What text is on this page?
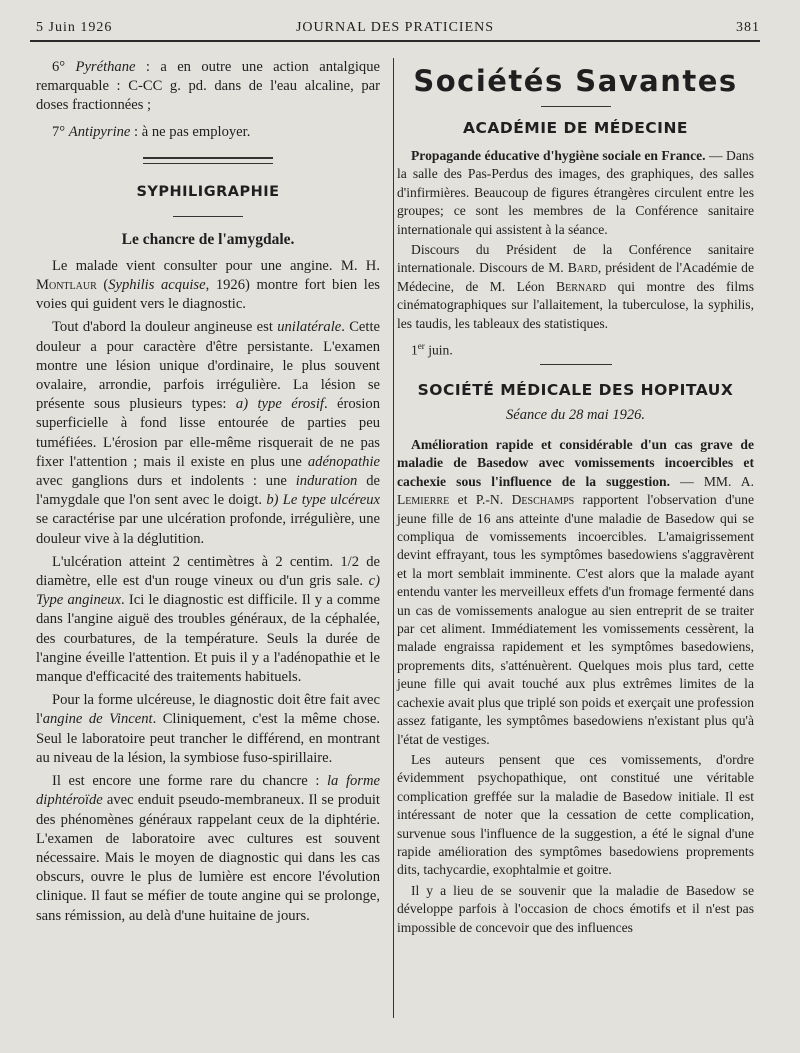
5 Juin 1926	JOURNAL DES PRATICIENS	381

6° Pyréthane : a en outre une action antalgique remarquable : C-CC g. pd. dans de l'eau alcaline, par doses fractionnées ;

7° Antipyrine : à ne pas employer.

SYPHILIGRAPHIE
Le chancre de l'amygdale.

Le malade vient consulter pour une angine. M. H. Montlaur (Syphilis acquise, 1926) montre fort bien les voies qui guident vers le diagnostic.

Tout d'abord la douleur angineuse est unilatérale. Cette douleur a pour caractère d'être persistante. L'examen montre une lésion unique d'ordinaire, le plus souvent ovalaire, arrondie, parfois irrégulière. La lésion se présente sous plusieurs types: a) type érosif. érosion superficielle à fond lisse entourée de parties peu tuméfiées. L'érosion par elle-même risquerait de ne pas fixer l'attention ; mais il existe en plus une adénopathie avec ganglions durs et indolents : une induration de l'amygdale que l'on sent avec le doigt. b) Le type ulcéreux se caractérise par une ulcération profonde, irrégulière, une douleur vive à la déglutition.

L'ulcération atteint 2 centimètres à 2 centim. 1/2 de diamètre, elle est d'un rouge vineux ou d'un gris sale. c) Type angineux. Ici le diagnostic est difficile. Il y a comme dans l'angine aiguë des troubles généraux, de la céphalée, des courbatures, de la température. Seuls la durée de l'angine éveille l'attention. Et puis il y a l'adénopathie et le manque d'efficacité des traitements habituels.

Pour la forme ulcéreuse, le diagnostic doit être fait avec l'angine de Vincent. Cliniquement, c'est la même chose. Seul le laboratoire peut trancher le différend, en montrant au niveau de la lésion, la symbiose fuso-spirillaire.

Il est encore une forme rare du chancre : la forme diphtéroïde avec enduit pseudo-membraneux. Il se produit des phénomènes généraux rappelant ceux de la diphtérie. L'examen de laboratoire avec cultures est souvent nécessaire. Mais le moyen de diagnostic qui dans les cas obscurs, ouvre le plus de lumière est encore l'évolution clinique. Il faut se méfier de toute angine qui se prolonge, sans rémission, au delà d'une huitaine de jours.

Sociétés Savantes
ACADÉMIE DE MÉDECINE

Propagande éducative d'hygiène sociale en France. — Dans la salle des Pas-Perdus des images, des graphiques, des salles d'infirmières. Beaucoup de figures étrangères circulent entre les groupes; ce sont les membres de la Conférence sanitaire internationale qui assistent à la séance.

Discours du Président de la Conférence sanitaire internationale. Discours de M. Bard, président de l'Académie de Médecine, de M. Léon Bernard qui montre des films cinématographiques sur l'allaitement, la tuberculose, la syphilis, les taudis, les tableaux des statistiques.

1er juin.

SOCIÉTÉ MÉDICALE DES HOPITAUX
Séance du 28 mai 1926.

Amélioration rapide et considérable d'un cas grave de maladie de Basedow avec vomissements incoercibles et cachexie sous l'influence de la suggestion. — MM. A. Lemierre et P.-N. Deschamps rapportent l'observation d'une jeune fille de 16 ans atteinte d'une maladie de Basedow qui se compliqua de vomissements incoercibles. L'amaigrissement devint effrayant, tous les symptômes basedowiens s'aggravèrent et la mort semblait imminente. C'est alors que la malade ayant entendu vanter les merveilleux effets d'un fromage fermenté dans un cas de vomissements analogue au sien entreprit de se traiter par cet aliment. Immédiatement les vomissements cessèrent, la malade engraissa rapidement et les symptômes basedowiens, proprements dits, s'atténuèrent. Quelques mois plus tard, cette jeune fille qui avait touché aux plus extrêmes limites de la cachexie avait plus que triplé son poids et exerçait une profession assez fatigante, les symptômes basedowiens n'existant plus qu'à l'état de vestiges.

Les auteurs pensent que ces vomissements, d'ordre évidemment psychopathique, ont constitué une véritable complication greffée sur la maladie de Basedow initiale. Il est intéressant de noter que la cessation de cette complication, survenue sous l'influence de la suggestion, a été le signal d'une rapide amélioration des symptômes basedowiens proprements dits, tachycardie, exophtalmie et goitre.

Il y a lieu de se souvenir que la maladie de Basedow se développe parfois à l'occasion de chocs émotifs et il n'est pas impossible de concevoir que des influences
